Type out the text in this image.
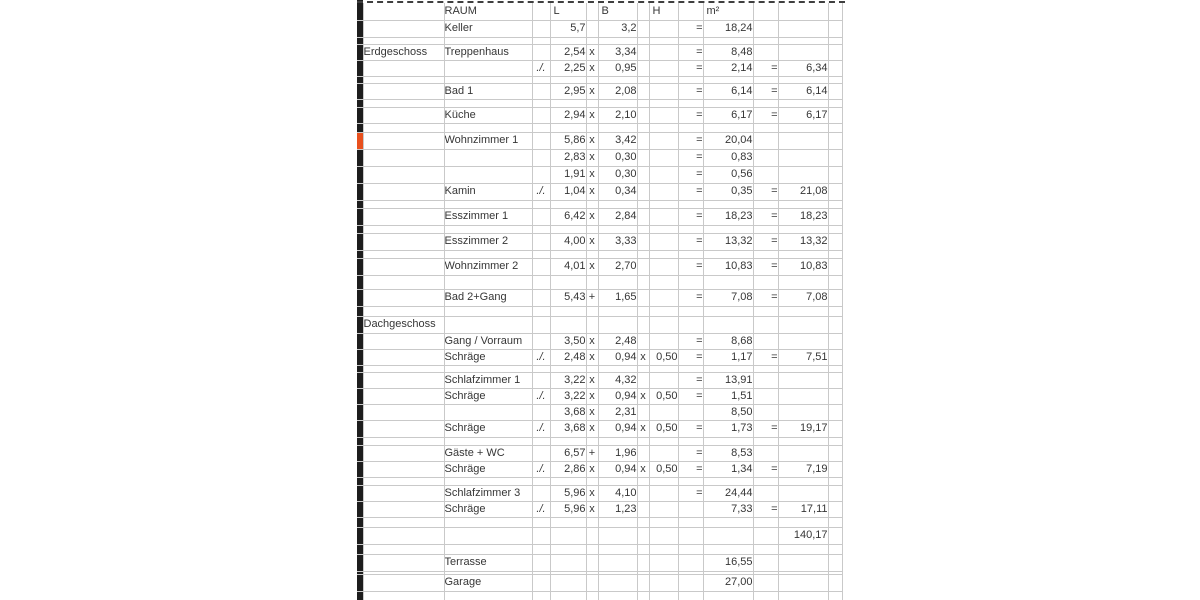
		RAUM		L		B		H		m²			
		Keller		5,7		3,2			=	18,24			

	Erdgeschoss	Treppenhaus		2,54	x	3,34			=	8,48			
			./.	2,25	x	0,95			=	2,14	=	6,34	

		Bad 1		2,95	x	2,08			=	6,14	=	6,14	

		Küche		2,94	x	2,10			=	6,17	=	6,17	

		Wohnzimmer 1		5,86	x	3,42			=	20,04			
				2,83	x	0,30			=	0,83			
				1,91	x	0,30			=	0,56			
		Kamin	./.	1,04	x	0,34			=	0,35	=	21,08	

		Esszimmer 1		6,42	x	2,84			=	18,23	=	18,23	

		Esszimmer 2		4,00	x	3,33			=	13,32	=	13,32	

		Wohnzimmer 2		4,01	x	2,70			=	10,83	=	10,83	

		Bad 2+Gang		5,43	+	1,65			=	7,08	=	7,08	

	Dachgeschoss												
		Gang / Vorraum		3,50	x	2,48			=	8,68			
		Schräge	./.	2,48	x	0,94	x	0,50	=	1,17	=	7,51	

		Schlafzimmer 1		3,22	x	4,32			=	13,91			
		Schräge	./.	3,22	x	0,94	x	0,50	=	1,51			
				3,68	x	2,31				8,50			
		Schräge	./.	3,68	x	0,94	x	0,50	=	1,73	=	19,17	

		Gäste + WC		6,57	+	1,96			=	8,53			
		Schräge	./.	2,86	x	0,94	x	0,50	=	1,34	=	7,19	

		Schlafzimmer 3		5,96	x	4,10			=	24,44			
		Schräge	./.	5,96	x	1,23				7,33	=	17,11	

												140,17	

		Terrasse								16,55			

		Garage								27,00			
